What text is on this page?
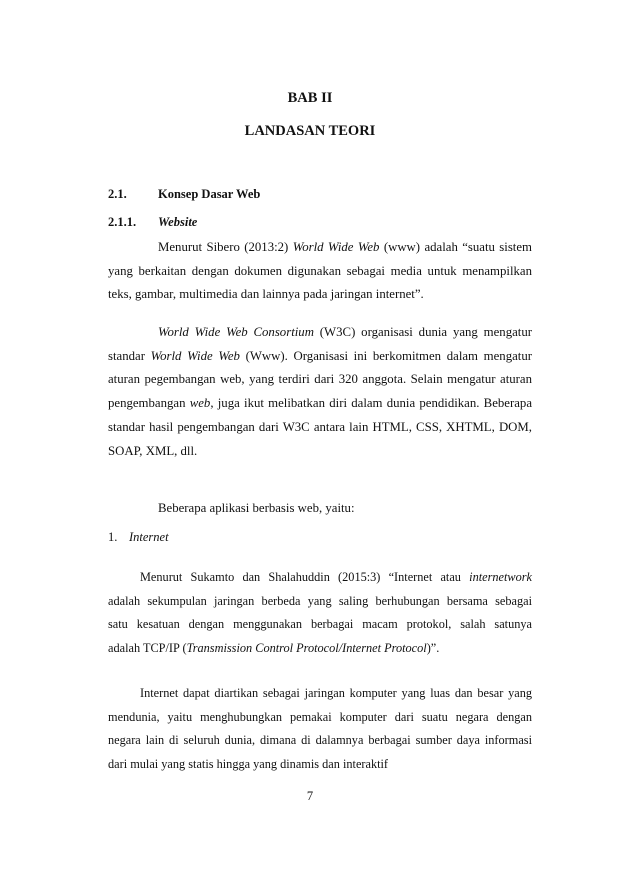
BAB II
LANDASAN TEORI
2.1.	Konsep Dasar Web
2.1.1. Website
Menurut Sibero (2013:2) World Wide Web (www) adalah “suatu sistem
yang berkaitan dengan dokumen digunakan sebagai media untuk menampilkan
teks, gambar, multimedia dan lainnya pada jaringan internet”.
World Wide Web Consortium (W3C) organisasi dunia yang mengatur
standar World Wide Web (Www). Organisasi ini berkomitmen dalam mengatur
aturan pegembangan web, yang terdiri dari 320 anggota. Selain mengatur aturan
pengembangan web, juga ikut melibatkan diri dalam dunia pendidikan. Beberapa
standar hasil pengembangan dari W3C antara lain HTML, CSS, XHTML, DOM,
SOAP, XML, dll.
Beberapa aplikasi berbasis web, yaitu:
1. Internet
Menurut Sukamto dan Shalahuddin (2015:3) “Internet atau internetwork
adalah sekumpulan jaringan berbeda yang saling berhubungan bersama sebagai
satu kesatuan dengan menggunakan berbagai macam protokol, salah satunya
adalah TCP/IP (Transmission Control Protocol/Internet Protocol)”.
Internet dapat diartikan sebagai jaringan komputer yang luas dan besar yang
mendunia, yaitu menghubungkan pemakai komputer dari suatu negara dengan
negara lain di seluruh dunia, dimana di dalamnya berbagai sumber daya informasi
dari mulai yang statis hingga yang dinamis dan interaktif
7
